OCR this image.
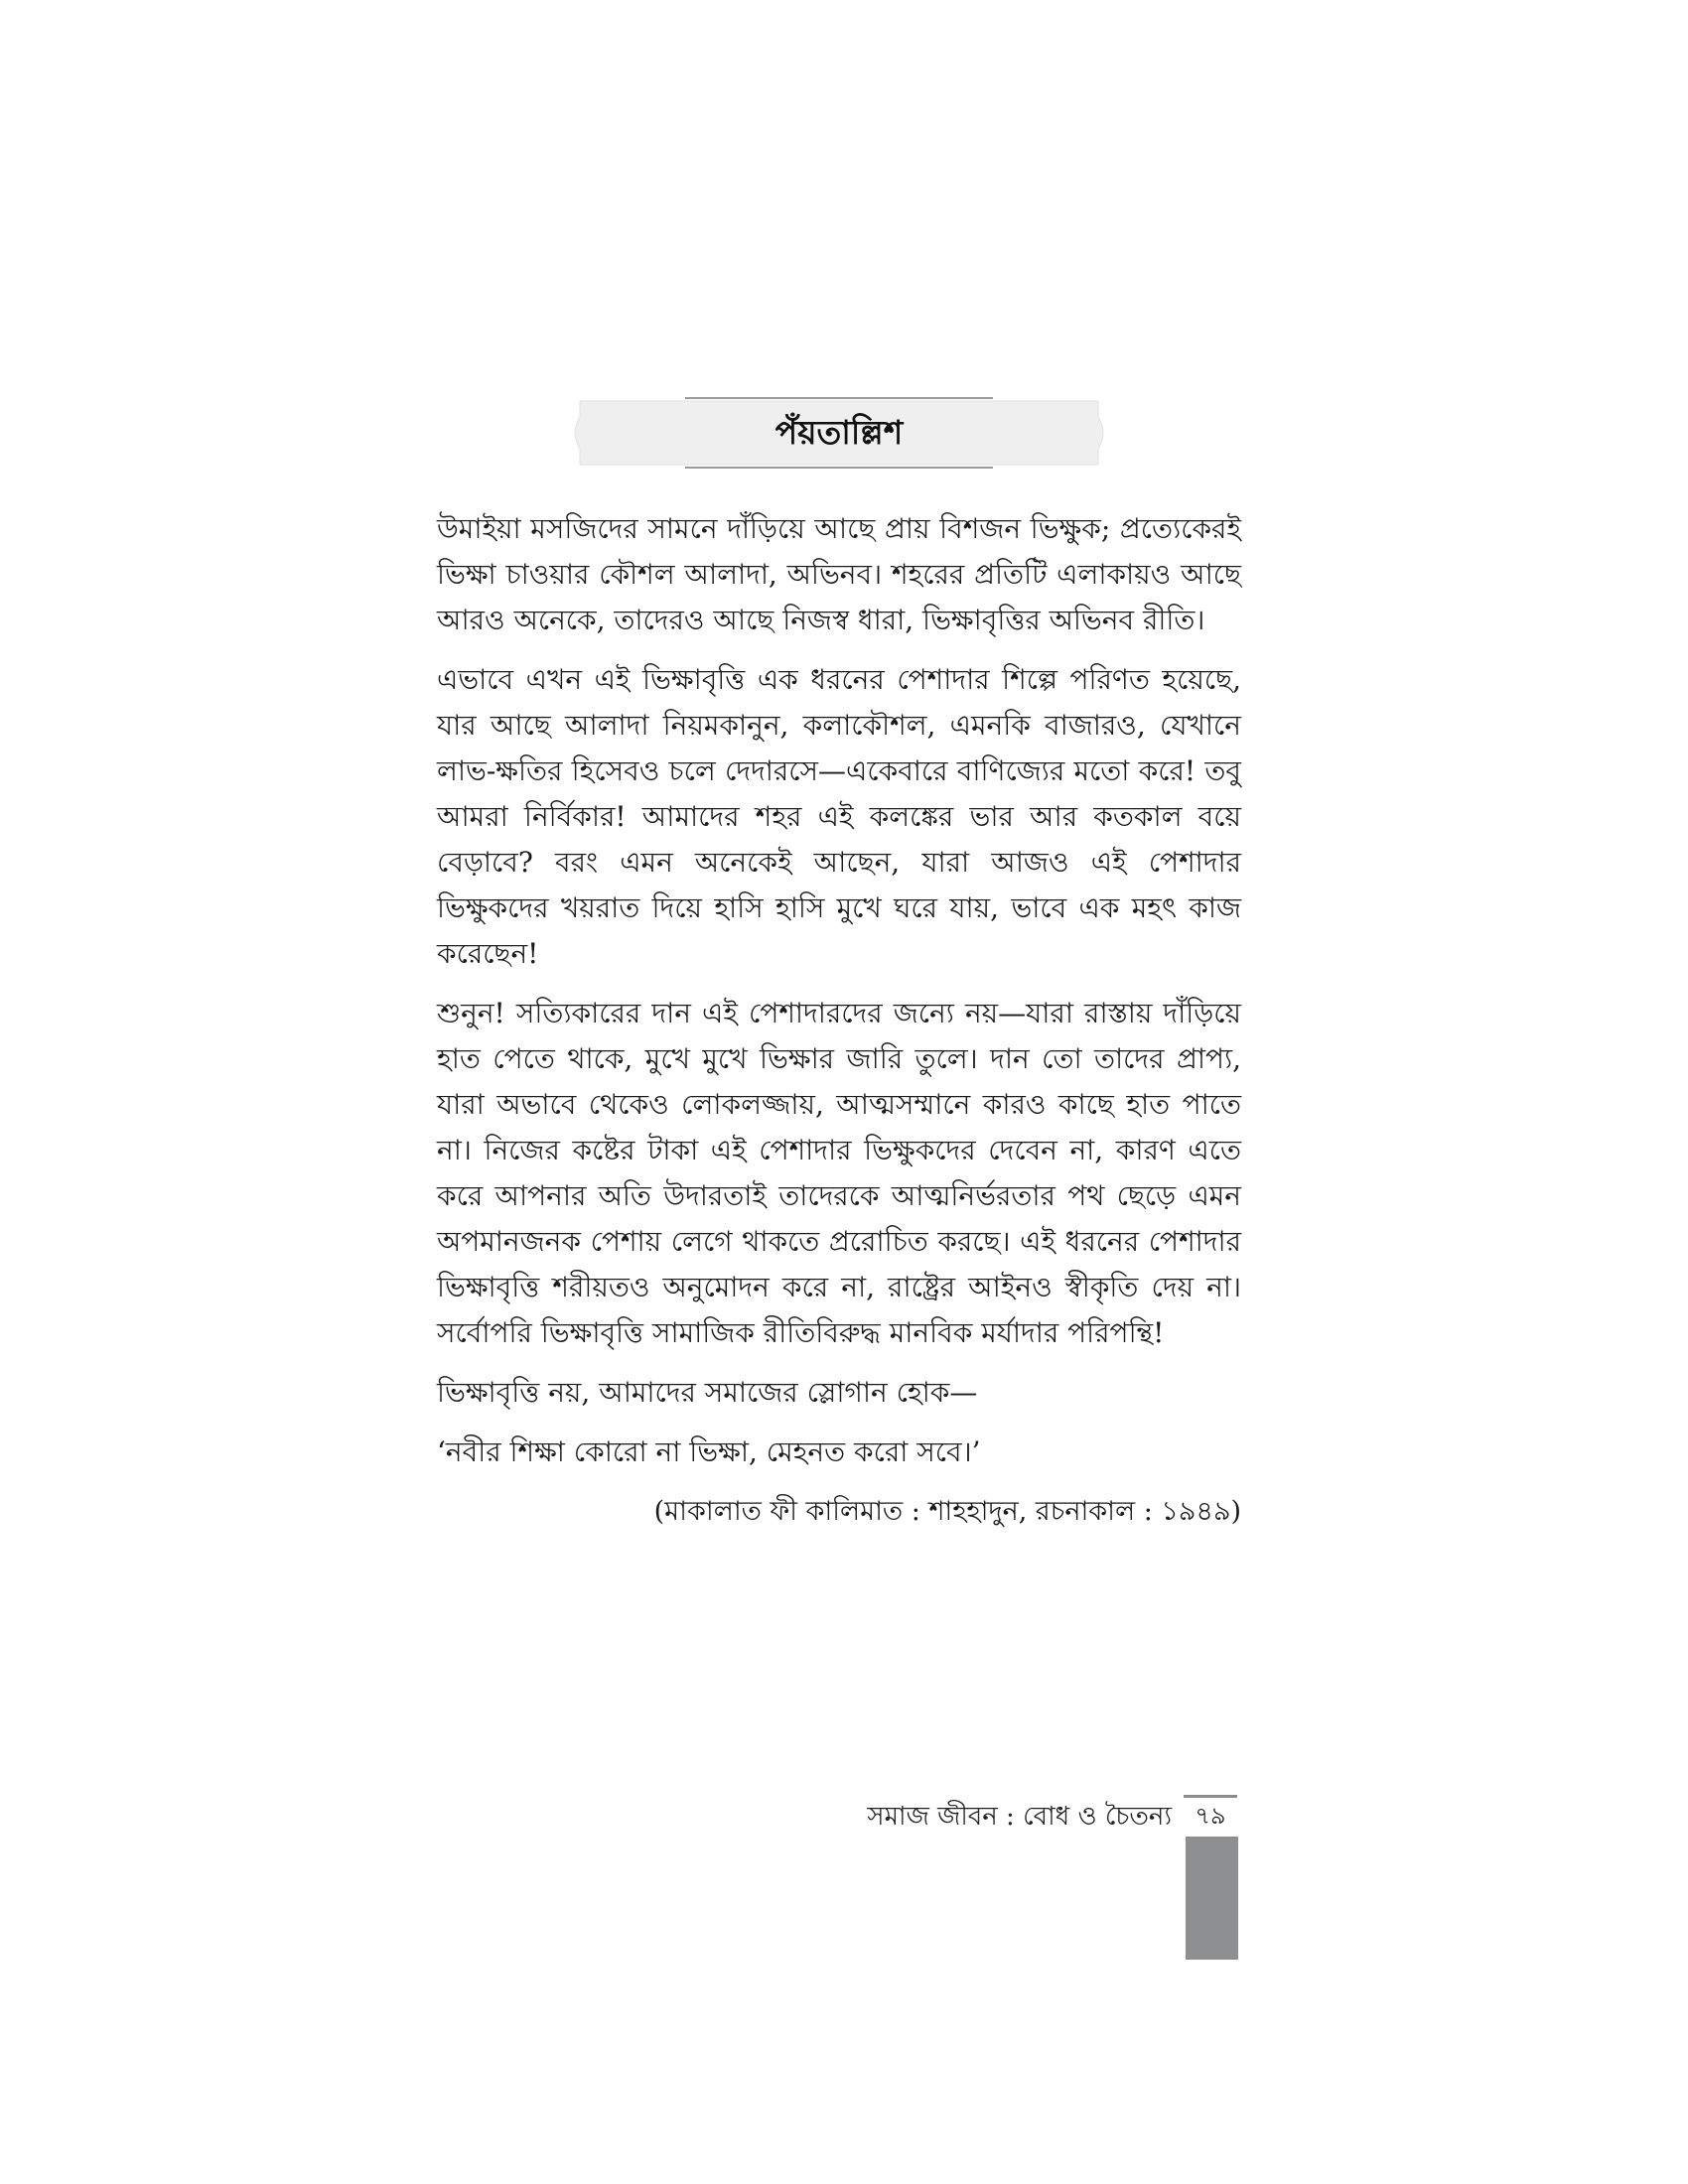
পঁয়তাল্লিশ

উমাইয়া মসজিদের সামনে দাঁড়িয়ে আছে প্রায় বিশজন ভিক্ষুক; প্রত্যেকেরই ভিক্ষা চাওয়ার কৌশল আলাদা, অভিনব। শহরের প্রতিটি এলাকায়ও আছে আরও অনেকে, তাদেরও আছে নিজস্ব ধারা, ভিক্ষাবৃত্তির অভিনব রীতি।

এভাবে এখন এই ভিক্ষাবৃত্তি এক ধরনের পেশাদার শিল্পে পরিণত হয়েছে, যার আছে আলাদা নিয়মকানুন, কলাকৌশল, এমনকি বাজারও, যেখানে লাভ-ক্ষতির হিসেবও চলে দেদারসে—একেবারে বাণিজ্যের মতো করে! তবু আমরা নির্বিকার! আমাদের শহর এই কলঙ্কের ভার আর কতকাল বয়ে বেড়াবে? বরং এমন অনেকেই আছেন, যারা আজও এই পেশাদার ভিক্ষুকদের খয়রাত দিয়ে হাসি হাসি মুখে ঘরে যায়, ভাবে এক মহৎ কাজ করেছেন!

শুনুন! সত্যিকারের দান এই পেশাদারদের জন্যে নয়—যারা রাস্তায় দাঁড়িয়ে হাত পেতে থাকে, মুখে মুখে ভিক্ষার জারি তুলে। দান তো তাদের প্রাপ্য, যারা অভাবে থেকেও লোকলজ্জায়, আত্মসম্মানে কারও কাছে হাত পাতে না। নিজের কষ্টের টাকা এই পেশাদার ভিক্ষুকদের দেবেন না, কারণ এতে করে আপনার অতি উদারতাই তাদেরকে আত্মনির্ভরতার পথ ছেড়ে এমন অপমানজনক পেশায় লেগে থাকতে প্ররোচিত করছে। এই ধরনের পেশাদার ভিক্ষাবৃত্তি শরীয়তও অনুমোদন করে না, রাষ্ট্রের আইনও স্বীকৃতি দেয় না। সর্বোপরি ভিক্ষাবৃত্তি সামাজিক রীতিবিরুদ্ধ মানবিক মর্যাদার পরিপন্থি!

ভিক্ষাবৃত্তি নয়, আমাদের সমাজের স্লোগান হোক—

‘নবীর শিক্ষা কোরো না ভিক্ষা, মেহনত করো সবে।’

(মাকালাত ফী কালিমাত : শাহহাদুন, রচনাকাল : ১৯৪৯)

সমাজ জীবন : বোধ ও চৈতন্য ৭৯
